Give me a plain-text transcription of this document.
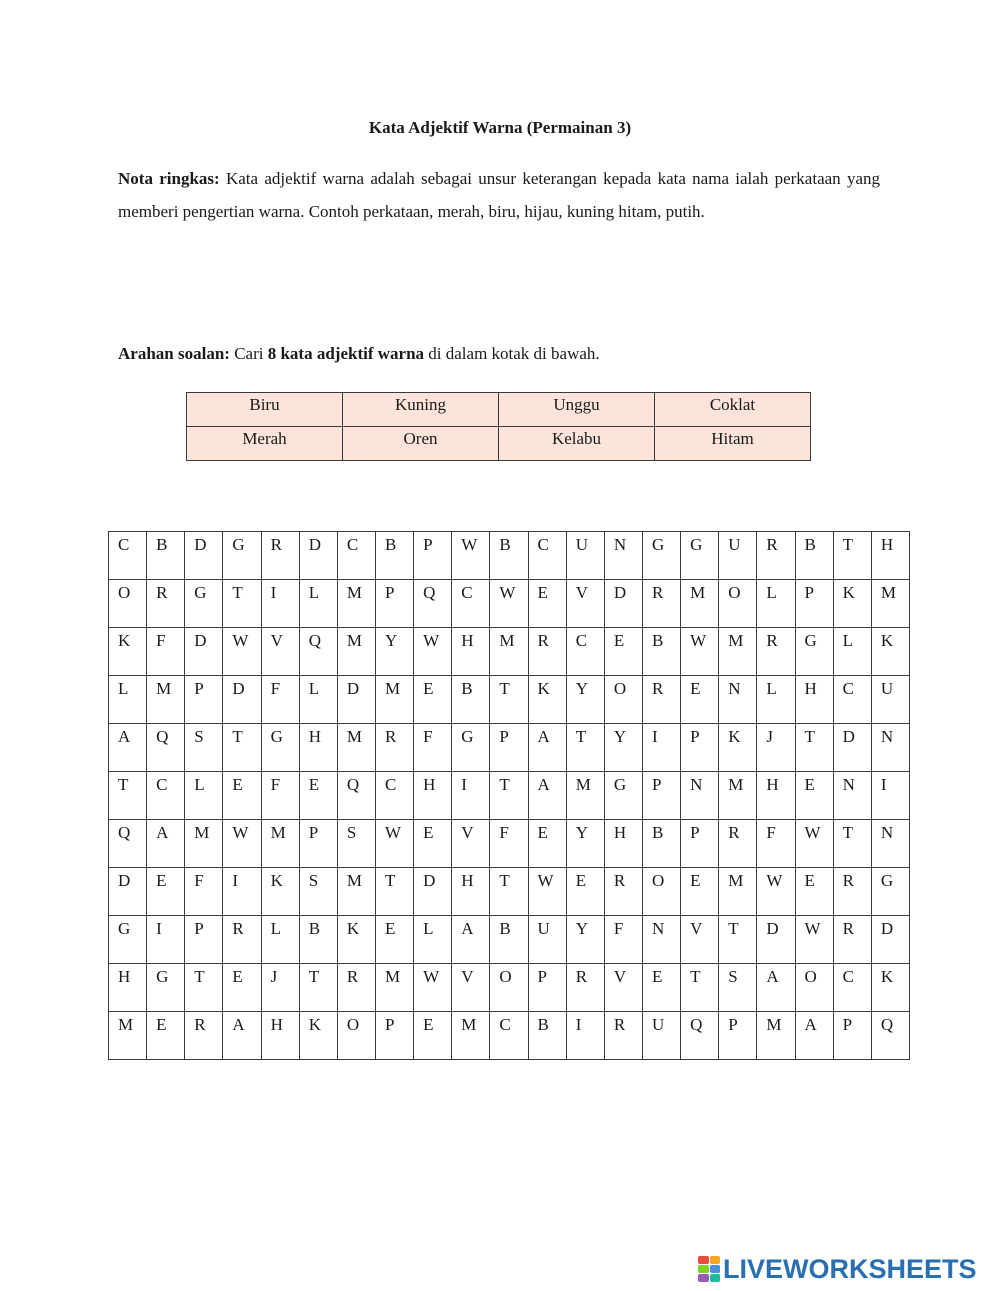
Kata Adjektif Warna (Permainan 3)

Nota ringkas: Kata adjektif warna adalah sebagai unsur keterangan kepada kata nama ialah perkataan yang memberi pengertian warna. Contoh perkataan, merah, biru, hijau, kuning hitam, putih.

Arahan soalan: Cari 8 kata adjektif warna di dalam kotak di bawah.

Biru	Kuning	Unggu	Coklat
Merah	Oren	Kelabu	Hitam
C	B	D	G	R	D	C	B	P	W	B	C	U	N	G	G	U	R	B	T	H
O	R	G	T	I	L	M	P	Q	C	W	E	V	D	R	M	O	L	P	K	M
K	F	D	W	V	Q	M	Y	W	H	M	R	C	E	B	W	M	R	G	L	K
L	M	P	D	F	L	D	M	E	B	T	K	Y	O	R	E	N	L	H	C	U
A	Q	S	T	G	H	M	R	F	G	P	A	T	Y	I	P	K	J	T	D	N
T	C	L	E	F	E	Q	C	H	I	T	A	M	G	P	N	M	H	E	N	I
Q	A	M	W	M	P	S	W	E	V	F	E	Y	H	B	P	R	F	W	T	N
D	E	F	I	K	S	M	T	D	H	T	W	E	R	O	E	M	W	E	R	G
G	I	P	R	L	B	K	E	L	A	B	U	Y	F	N	V	T	D	W	R	D
H	G	T	E	J	T	R	M	W	V	O	P	R	V	E	T	S	A	O	C	K
M	E	R	A	H	K	O	P	E	M	C	B	I	R	U	Q	P	M	A	P	Q
LIVEWORKSHEETS
